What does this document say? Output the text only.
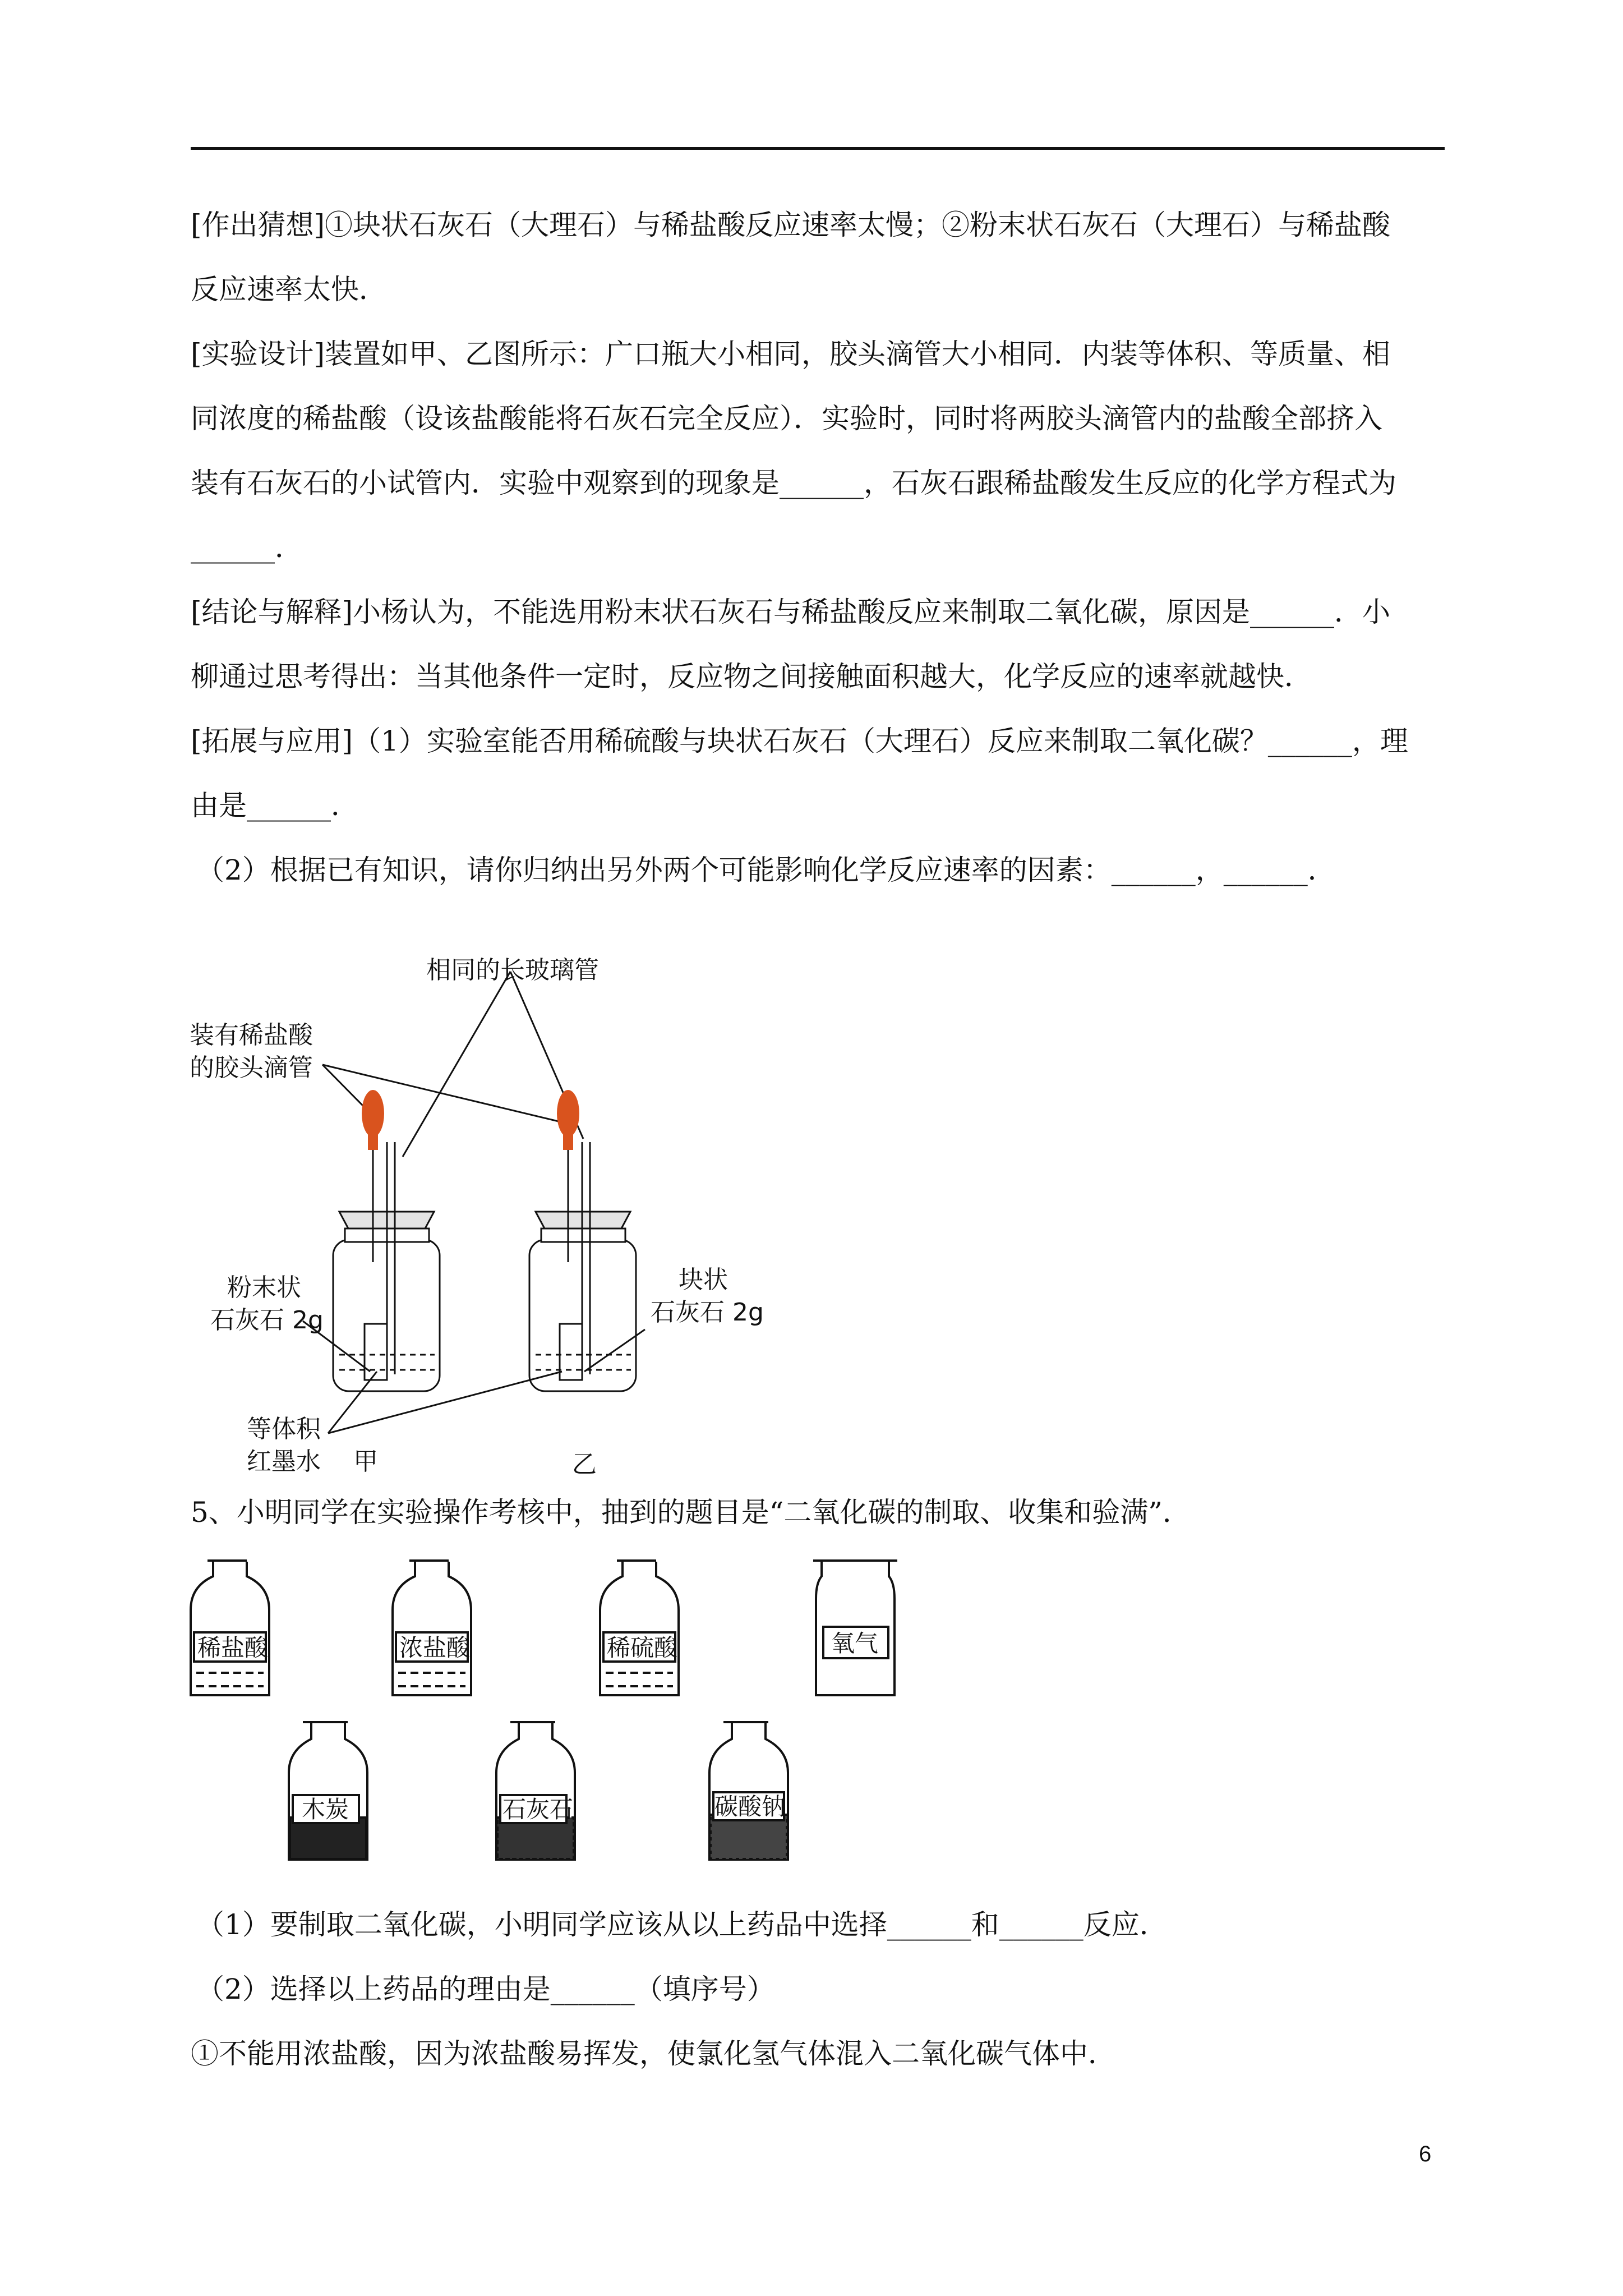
[作出猜想]①块状石灰石（大理石）与稀盐酸反应速率太慢；②粉末状石灰石（大理石）与稀盐酸
反应速率太快．
[实验设计]装置如甲、乙图所示：广口瓶大小相同，胶头滴管大小相同．内装等体积、等质量、相
同浓度的稀盐酸（设该盐酸能将石灰石完全反应）．实验时，同时将两胶头滴管内的盐酸全部挤入
装有石灰石的小试管内．实验中观察到的现象是______，石灰石跟稀盐酸发生反应的化学方程式为
______．
[结论与解释]小杨认为，不能选用粉末状石灰石与稀盐酸反应来制取二氧化碳，原因是______．小
柳通过思考得出：当其他条件一定时，反应物之间接触面积越大，化学反应的速率就越快．
[拓展与应用]（1）实验室能否用稀硫酸与块状石灰石（大理石）反应来制取二氧化碳？______，理
由是______．
（2）根据已有知识，请你归纳出另外两个可能影响化学反应速率的因素：______，______．
相同的长玻璃管
装有稀盐酸
的胶头滴管
粉末状
石灰石 2g
块状
石灰石 2g
等体积
红墨水 甲	乙
5、小明同学在实验操作考核中，抽到的题目是“二氧化碳的制取、收集和验满”．
稀盐酸	浓盐酸	稀硫酸	氧气
木炭	石灰石	碳酸钠
（1）要制取二氧化碳，小明同学应该从以上药品中选择______和______反应．
（2）选择以上药品的理由是______（填序号）
①不能用浓盐酸，因为浓盐酸易挥发，使氯化氢气体混入二氧化碳气体中．
6
